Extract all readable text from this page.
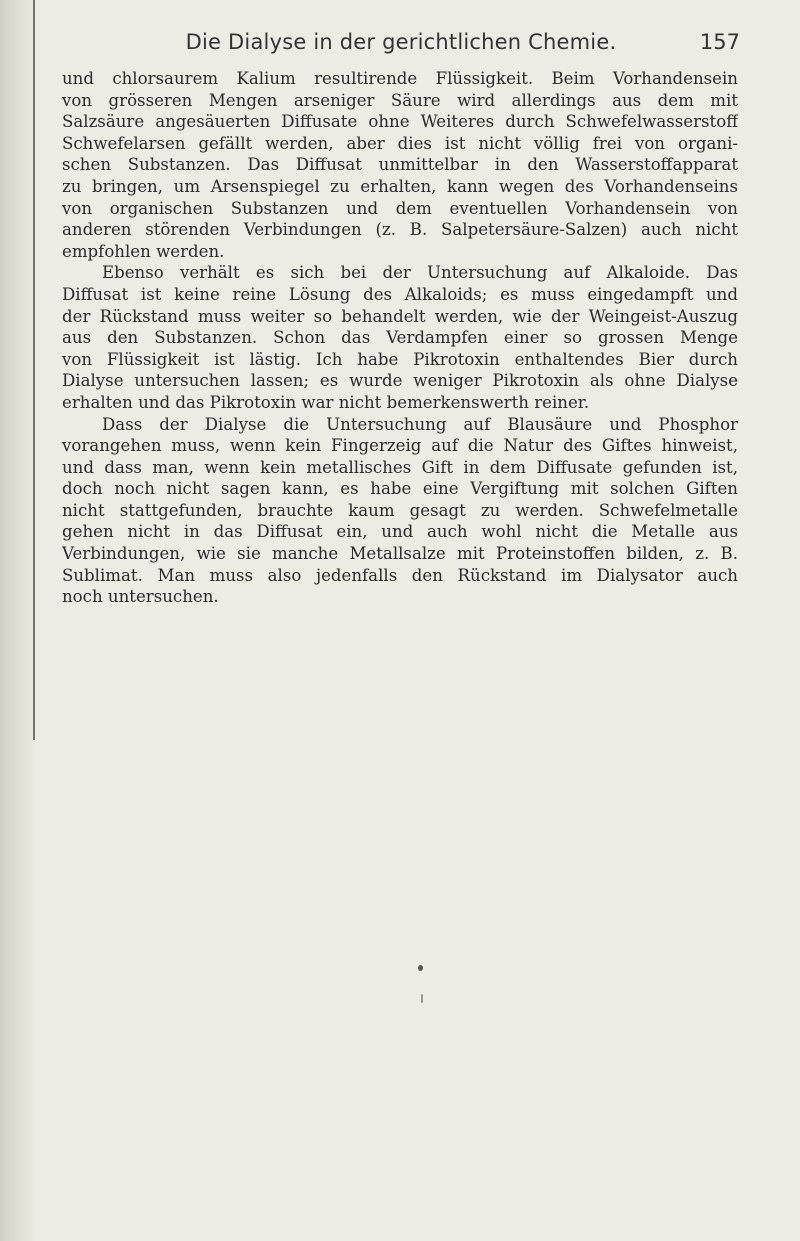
Die Dialyse in der gerichtlichen Chemie.	157
und chlorsaurem Kalium resultirende Flüssigkeit. Beim Vorhandensein
von grösseren Mengen arseniger Säure wird allerdings aus dem mit
Salzsäure angesäuerten Diffusate ohne Weiteres durch Schwefelwasserstoff
Schwefelarsen gefällt werden, aber dies ist nicht völlig frei von organi-
schen Substanzen. Das Diffusat unmittelbar in den Wasserstoffapparat
zu bringen, um Arsenspiegel zu erhalten, kann wegen des Vorhandenseins
von organischen Substanzen und dem eventuellen Vorhandensein von
anderen störenden Verbindungen (z. B. Salpetersäure-Salzen) auch nicht
empfohlen werden.
Ebenso verhält es sich bei der Untersuchung auf Alkaloide. Das
Diffusat ist keine reine Lösung des Alkaloids; es muss eingedampft und
der Rückstand muss weiter so behandelt werden, wie der Weingeist-Auszug
aus den Substanzen. Schon das Verdampfen einer so grossen Menge
von Flüssigkeit ist lästig. Ich habe Pikrotoxin enthaltendes Bier durch
Dialyse untersuchen lassen; es wurde weniger Pikrotoxin als ohne Dialyse
erhalten und das Pikrotoxin war nicht bemerkenswerth reiner.
Dass der Dialyse die Untersuchung auf Blausäure und Phosphor
vorangehen muss, wenn kein Fingerzeig auf die Natur des Giftes hinweist,
und dass man, wenn kein metallisches Gift in dem Diffusate gefunden ist,
doch noch nicht sagen kann, es habe eine Vergiftung mit solchen Giften
nicht stattgefunden, brauchte kaum gesagt zu werden. Schwefelmetalle
gehen nicht in das Diffusat ein, und auch wohl nicht die Metalle aus
Verbindungen, wie sie manche Metallsalze mit Proteinstoffen bilden, z. B.
Sublimat. Man muss also jedenfalls den Rückstand im Dialysator auch
noch untersuchen.
